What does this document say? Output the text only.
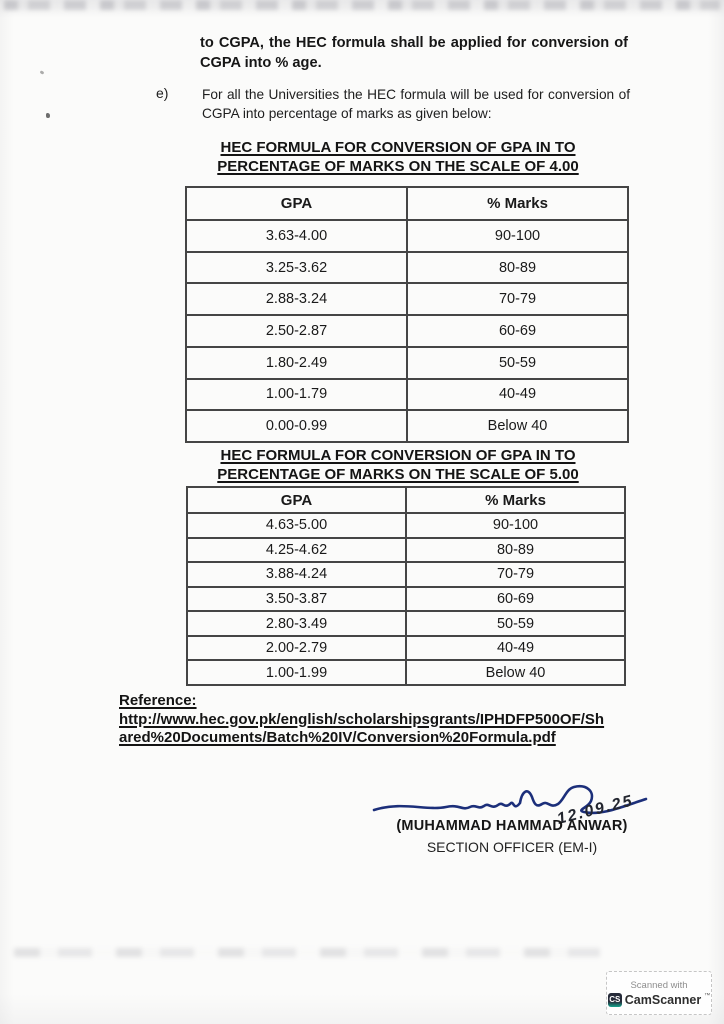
to CGPA, the HEC formula shall be applied for conversion of CGPA into % age.
e) For all the Universities the HEC formula will be used for conversion of CGPA into percentage of marks as given below:
HEC FORMULA FOR CONVERSION OF GPA IN TO
PERCENTAGE OF MARKS ON THE SCALE OF 4.00
GPA	% Marks
3.63-4.00	90-100
3.25-3.62	80-89
2.88-3.24	70-79
2.50-2.87	60-69
1.80-2.49	50-59
1.00-1.79	40-49
0.00-0.99	Below 40
HEC FORMULA FOR CONVERSION OF GPA IN TO
PERCENTAGE OF MARKS ON THE SCALE OF 5.00
GPA	% Marks
4.63-5.00	90-100
4.25-4.62	80-89
3.88-4.24	70-79
3.50-3.87	60-69
2.80-3.49	50-59
2.00-2.79	40-49
1.00-1.99	Below 40
Reference:
http://www.hec.gov.pk/english/scholarshipsgrants/IPHDFP500OF/Sh
ared%20Documents/Batch%20IV/Conversion%20Formula.pdf
12.09.25
(MUHAMMAD HAMMAD ANWAR)
SECTION OFFICER (EM-I)
Scanned with
CS CamScanner ™
